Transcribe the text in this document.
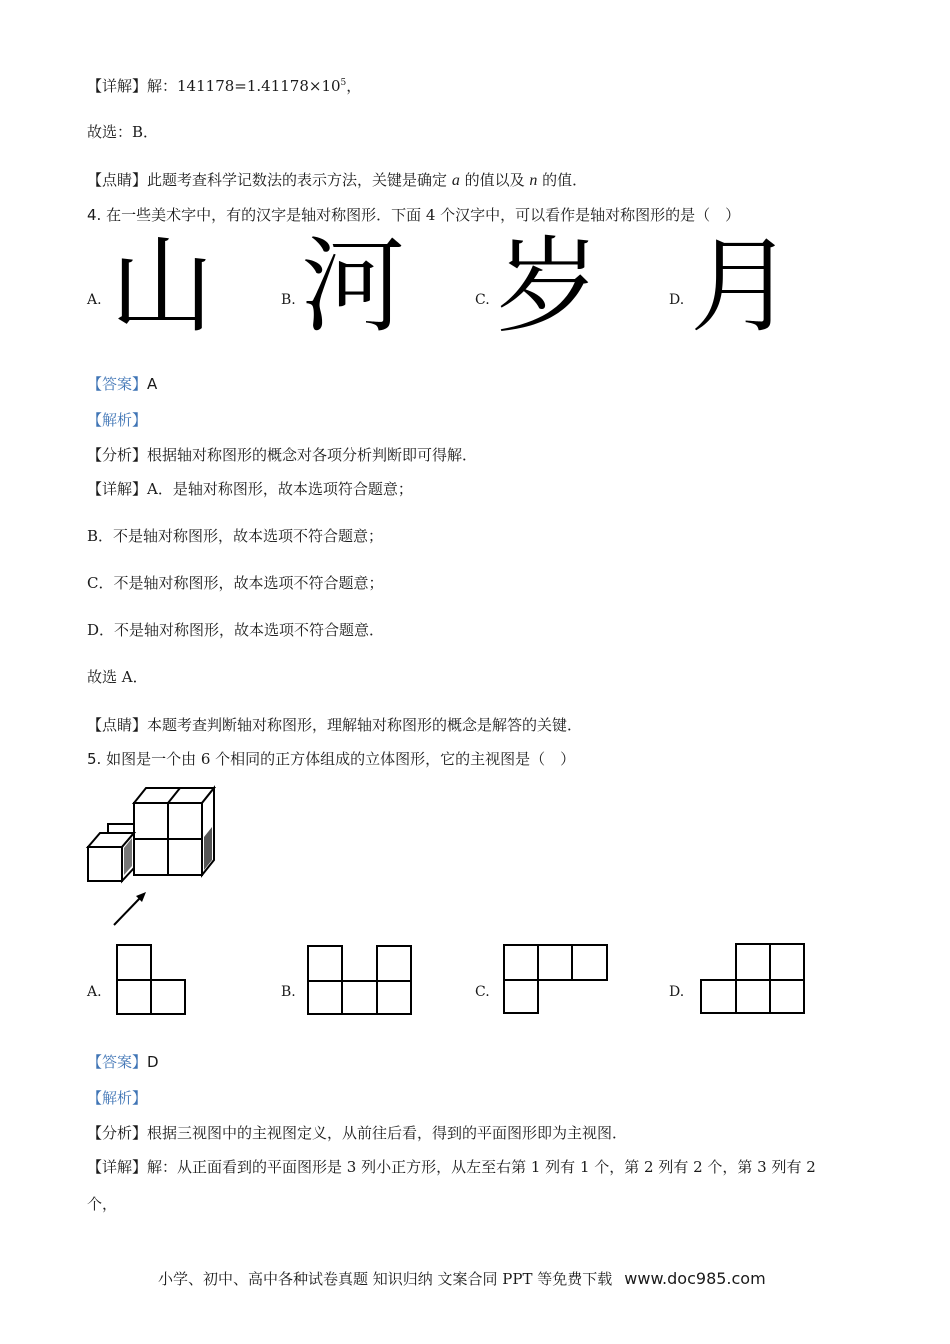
【详解】解：$141178=1.41178\times 10^5$，
故选：B．
【点睛】此题考查科学记数法的表示方法，关键是确定 a 的值以及 n 的值．
4. 在一些美术字中，有的汉字是轴对称图形．下面 4 个汉字中，可以看作是轴对称图形的是（　）
A. 山	B. 河	C. 岁	D. 月
【答案】A
【解析】
【分析】根据轴对称图形的概念对各项分析判断即可得解．
【详解】A．是轴对称图形，故本选项符合题意；
B．不是轴对称图形，故本选项不符合题意；
C．不是轴对称图形，故本选项不符合题意；
D．不是轴对称图形，故本选项不符合题意．
故选 A．
【点睛】本题考查判断轴对称图形，理解轴对称图形的概念是解答的关键．
5. 如图是一个由 6 个相同的正方体组成的立体图形，它的主视图是（　）
A.	B.	C.	D.
【答案】D
【解析】
【分析】根据三视图中的主视图定义，从前往后看，得到的平面图形即为主视图．
【详解】解：从正面看到的平面图形是 3 列小正方形，从左至右第 1 列有 1 个，第 2 列有 2 个，第 3 列有 2
个，
小学、初中、高中各种试卷真题 知识归纳 文案合同 PPT 等免费下载 www.doc985.com
